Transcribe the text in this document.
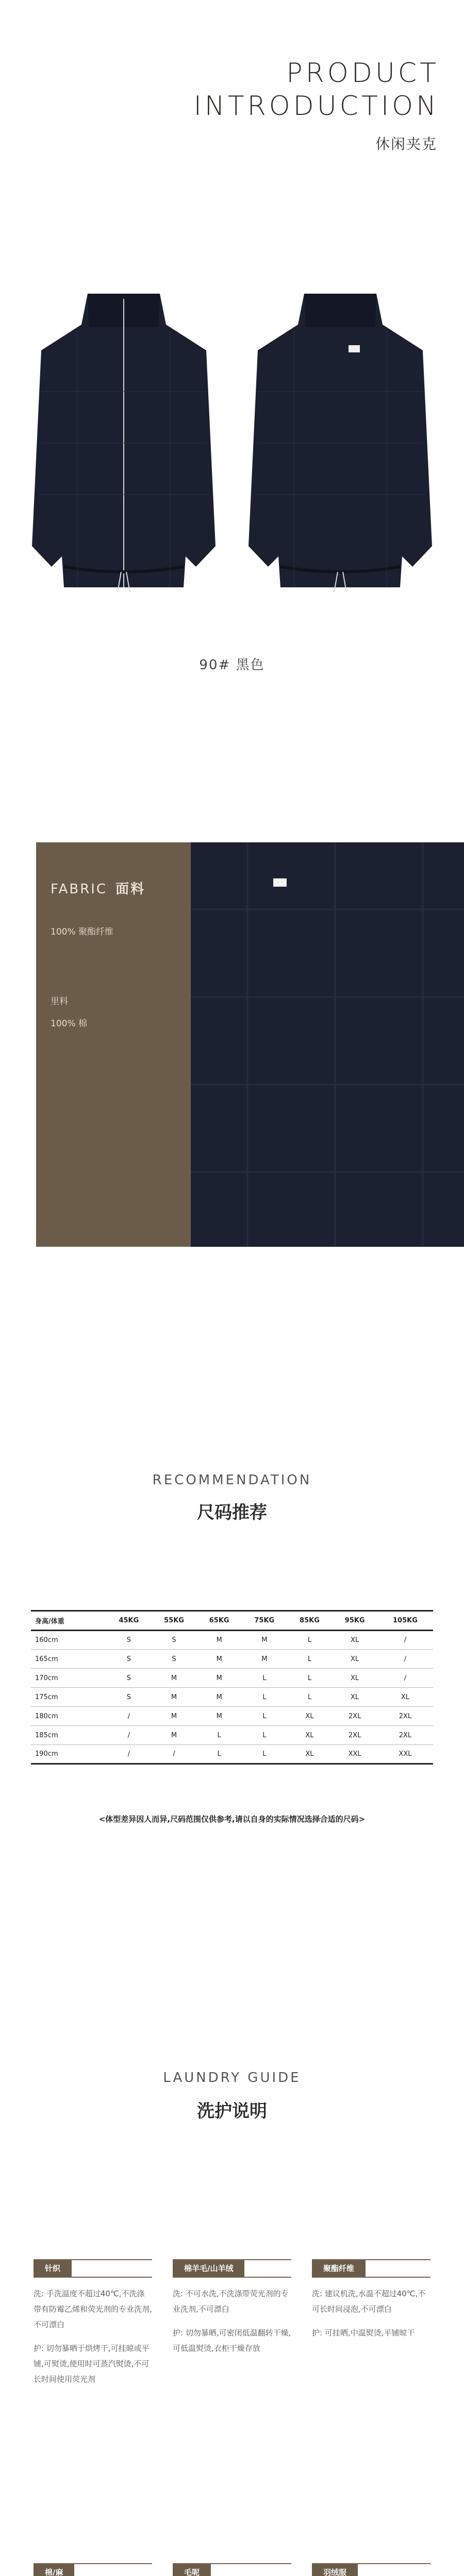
PRODUCT
INTRODUCTION
休闲夹克
90# 黑色
FABRIC 面料
100% 聚酯纤维
里料
100% 棉
RECOMMENDATION
尺码推荐
身高/体重	45KG	55KG	65KG	75KG	85KG	95KG	105KG
160cm	S	S	M	M	L	XL	/
165cm	S	S	M	M	L	XL	/
170cm	S	M	M	L	L	XL	/
175cm	S	M	M	L	L	XL	XL
180cm	/	M	M	L	XL	2XL	2XL
185cm	/	M	L	L	XL	2XL	2XL
190cm	/	/	L	L	XL	XXL	XXL
<体型差异因人而异,尺码范围仅供参考,请以自身的实际情况选择合适的尺码>
LAUNDRY GUIDE
洗护说明
针织
洗: 手洗温度不超过40℃,不洗涤带有防霉乙烯和荧光剂的专业洗剂,不可漂白
护: 切勿暴晒于烘烤干,可挂晾或平铺,可熨烫,使用时可蒸汽熨烫,不可长时间使用荧光剂
棉羊毛/山羊绒
洗: 不可水洗,不洗涤带荧光剂的专业洗剂,不可漂白
护: 切勿暴晒,可密闭低温翻转干燥,可低温熨烫,衣柜干燥存放
聚酯纤维
洗: 建议机洗,水温不超过40℃,不可长时间浸泡,不可漂白
护: 可挂晒,中温熨烫,平铺晾干
棉/麻	毛呢	羽绒服
